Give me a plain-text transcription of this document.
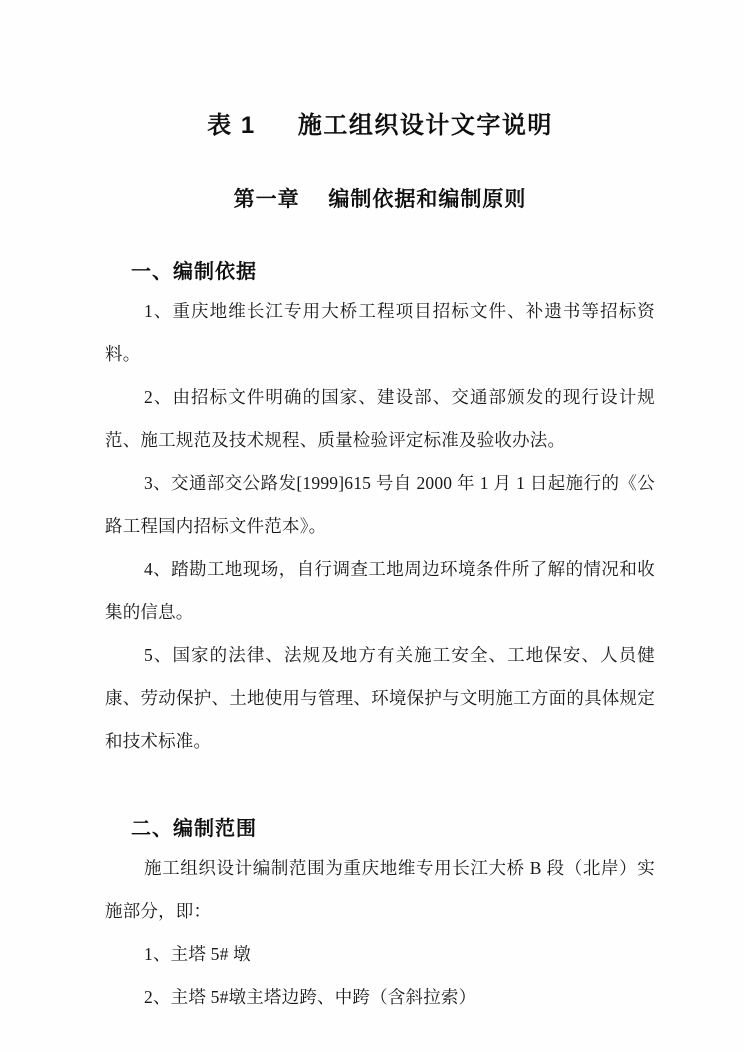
表 1 施工组织设计文字说明
第一章 编制依据和编制原则
一、编制依据

1、重庆地维长江专用大桥工程项目招标文件、补遗书等招标资料。

2、由招标文件明确的国家、建设部、交通部颁发的现行设计规范、施工规范及技术规程、质量检验评定标准及验收办法。

3、交通部交公路发[1999]615 号自 2000 年 1 月 1 日起施行的《公路工程国内招标文件范本》。

4、踏勘工地现场，自行调查工地周边环境条件所了解的情况和收集的信息。

5、国家的法律、法规及地方有关施工安全、工地保安、人员健康、劳动保护、土地使用与管理、环境保护与文明施工方面的具体规定和技术标准。

二、编制范围

施工组织设计编制范围为重庆地维专用长江大桥 B 段（北岸）实施部分，即：

1、主塔 5# 墩

2、主塔 5#墩主塔边跨、中跨（含斜拉索）
